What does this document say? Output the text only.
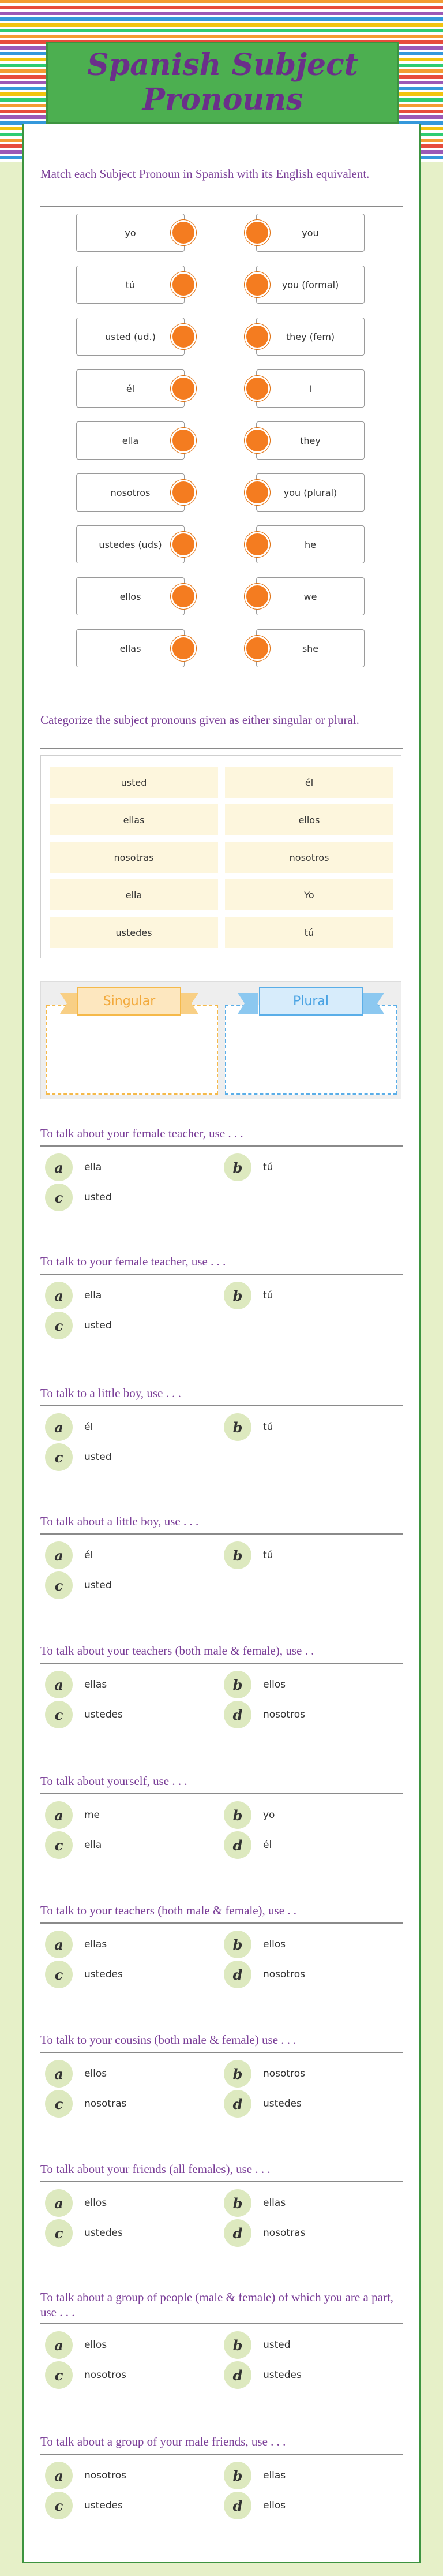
Spanish Subject Pronouns
Match each Subject Pronoun in Spanish with its English equivalent.
yo	you
tú	you (formal)
usted (ud.)	they (fem)
él	I
ella	they
nosotros	you (plural)
ustedes (uds)	he
ellos	we
ellas	she
Categorize the subject pronouns given as either singular or plural.
usted	él
ellas	ellos
nosotras	nosotros
ella	Yo
ustedes	tú
Singular	Plural
To talk about your female teacher, use . . .
a	ella	b	tú
c	usted
To talk to your female teacher, use . . .
a	ella	b	tú
c	usted
To talk to a little boy, use . . .
a	él	b	tú
c	usted
To talk about a little boy, use . . .
a	él	b	tú
c	usted
To talk about your teachers (both male & female), use . .
a	ellas	b	ellos
c	ustedes	d	nosotros
To talk about yourself, use . . .
a	me	b	yo
c	ella	d	él
To talk to your teachers (both male & female), use . .
a	ellas	b	ellos
c	ustedes	d	nosotros
To talk to your cousins (both male & female) use . . .
a	ellos	b	nosotros
c	nosotras	d	ustedes
To talk about your friends (all females), use . . .
a	ellos	b	ellas
c	ustedes	d	nosotras
To talk about a group of people (male & female) of which you are a part, use . . .
a	ellos	b	usted
c	nosotros	d	ustedes
To talk about a group of your male friends, use . . .
a	nosotros	b	ellas
c	ustedes	d	ellos
